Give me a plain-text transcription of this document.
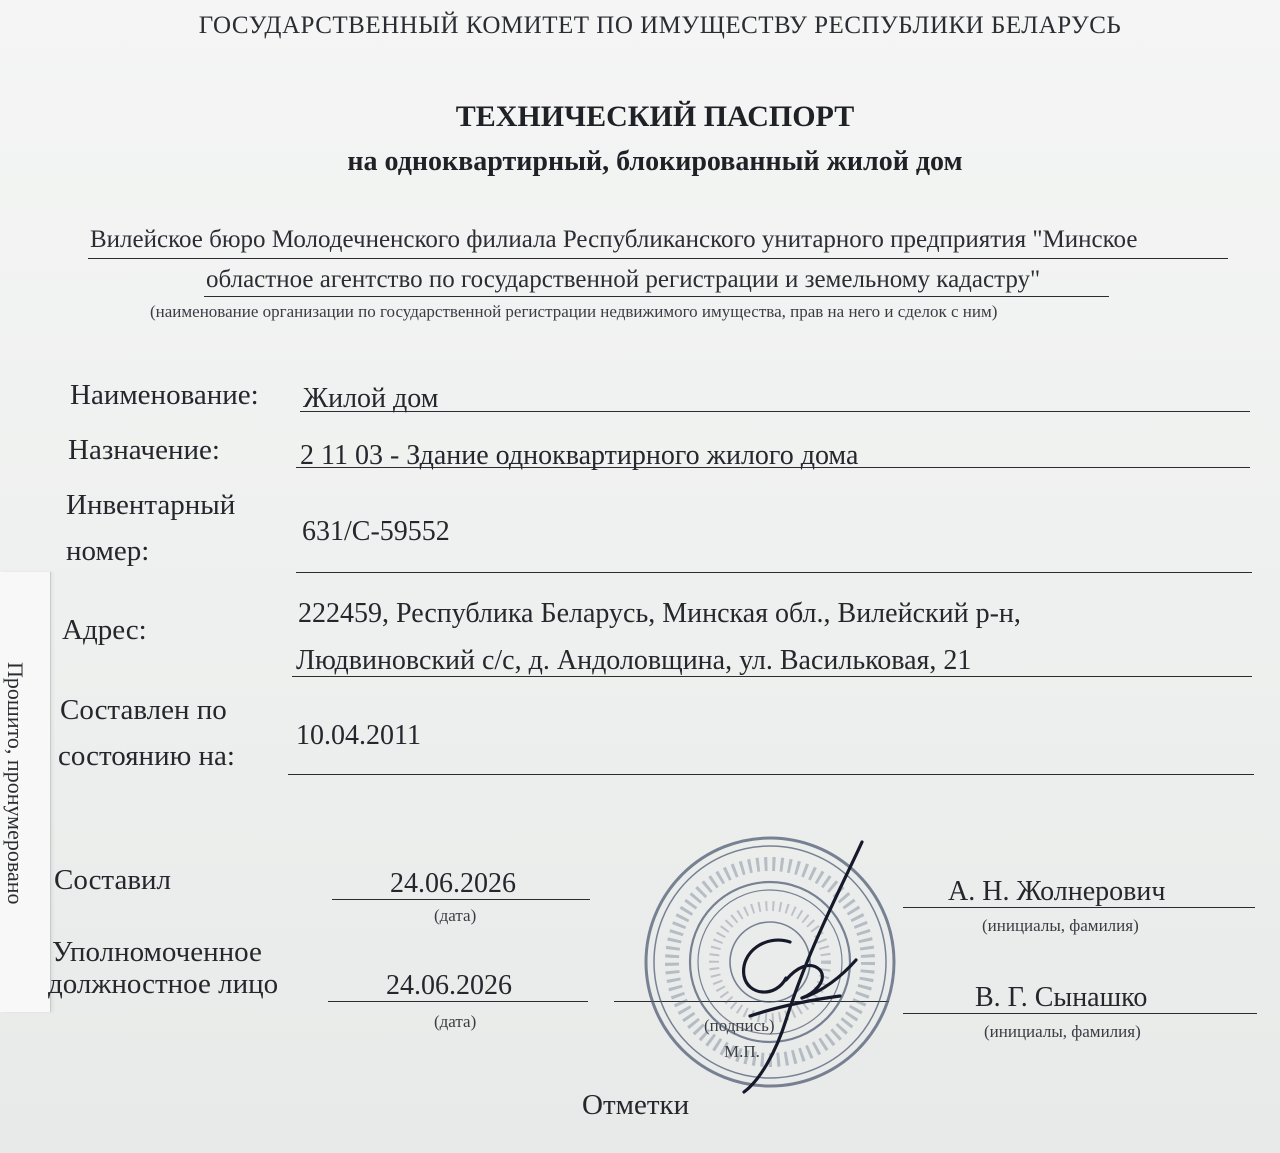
ГОСУДАРСТВЕННЫЙ КОМИТЕТ ПО ИМУЩЕСТВУ РЕСПУБЛИКИ БЕЛАРУСЬ
ТЕХНИЧЕСКИЙ ПАСПОРТ
на одноквартирный, блокированный жилой дом
Вилейское бюро Молодечненского филиала Республиканского унитарного предприятия "Минское
областное агентство по государственной регистрации и земельному кадастру"
(наименование организации по государственной регистрации недвижимого имущества, прав на него и сделок с ним)
Наименование: Жилой дом
Назначение:	2 11 03 - Здание одноквартирного жилого дома
Инвентарный
номер:
631/С-59552
Адрес:
222459, Республика Беларусь, Минская обл., Вилейский р-н,
Людвиновский с/с, д. Андоловщина, ул. Васильковая, 21
Составлен по
состоянию на:
10.04.2011
Прошито, пронумеровано Составил	24.06.2026
(дата)
А. Н. Жолнерович
(инициалы, фамилия)
Уполномоченное
должностное лицо	24.06.2026
(дата)	(подпись)
М.П.
В. Г. Сынашко
(инициалы, фамилия)
Отметки
